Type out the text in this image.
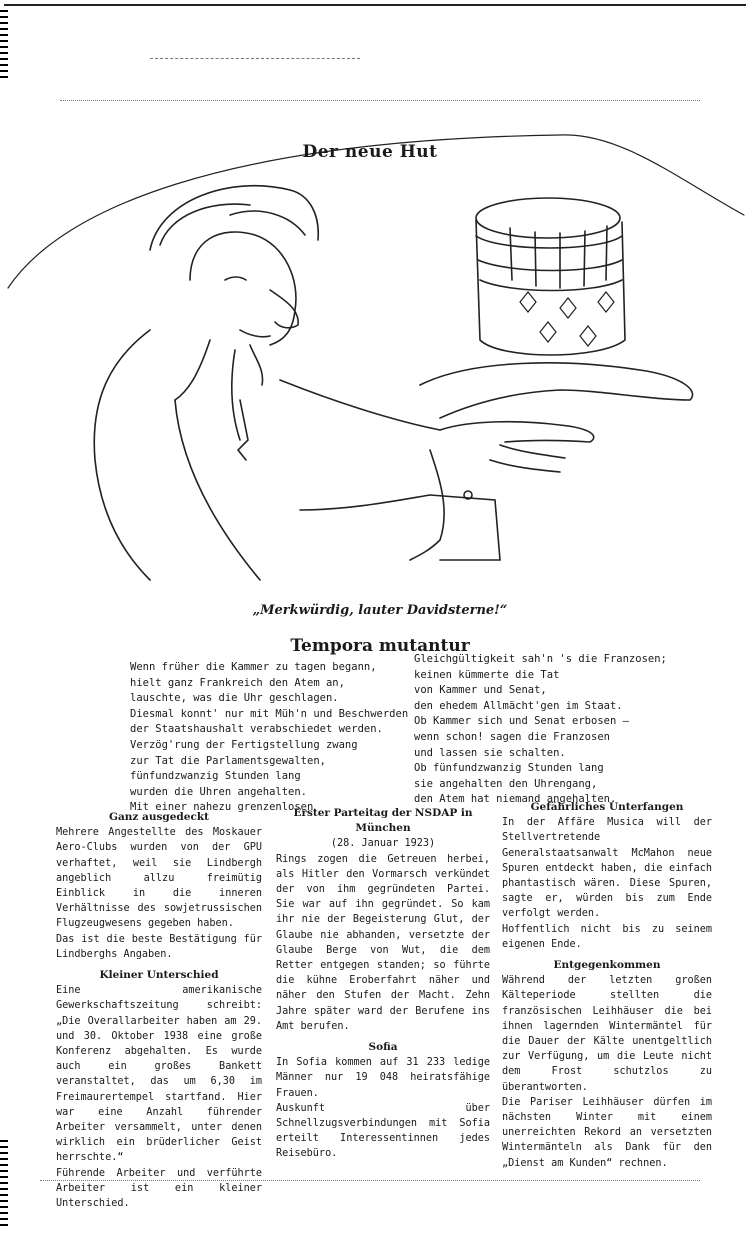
Der neue Hut
„Merkwürdig, lauter Davidsterne!“
Tempora mutantur
Wenn früher die Kammer zu tagen begann,
hielt ganz Frankreich den Atem an,
lauschte, was die Uhr geschlagen.
Diesmal konnt' nur mit Müh'n und Beschwerden
der Staatshaushalt verabschiedet werden.
Verzög'rung der Fertigstellung zwang
zur Tat die Parlamentsgewalten,
fünfundzwanzig Stunden lang
wurden die Uhren angehalten.
Mit einer nahezu grenzenlosen
Gleichgültigkeit sah'n 's die Franzosen;
keinen kümmerte die Tat
von Kammer und Senat,
den ehedem Allmächt'gen im Staat.
Ob Kammer sich und Senat erbosen —
wenn schon! sagen die Franzosen
und lassen sie schalten.
Ob fünfundzwanzig Stunden lang
sie angehalten den Uhrengang,
den Atem hat niemand angehalten.
Ganz ausgedeckt

Mehrere Angestellte des Moskauer Aero-Clubs wurden von der GPU verhaftet, weil sie Lindbergh angeblich allzu freimütig Einblick in die inneren Verhältnisse des sowjetrussischen Flugzeugwesens gegeben haben.

Das ist die beste Bestätigung für Lindberghs Angaben.

Kleiner Unterschied

Eine amerikanische Gewerkschaftszeitung schreibt: „Die Overallarbeiter haben am 29. und 30. Oktober 1938 eine große Konferenz abgehalten. Es wurde auch ein großes Bankett veranstaltet, das um 6,30 im Freimaurertempel startfand. Hier war eine Anzahl führender Arbeiter versammelt, unter denen wirklich ein brüderlicher Geist herrschte.“

Führende Arbeiter und verführte Arbeiter ist ein kleiner Unterschied.

Erster Parteitag der NSDAP in München
(28. Januar 1923)

Rings zogen die Getreuen herbei, als Hitler den Vormarsch verkündet der von ihm gegründeten Partei. Sie war auf ihn gegründet. So kam ihr nie der Begeisterung Glut, der Glaube nie abhanden, versetzte der Glaube Berge von Wut, die dem Retter entgegen standen; so führte die kühne Eroberfahrt näher und näher den Stufen der Macht. Zehn Jahre später ward der Berufene ins Amt berufen.

Sofia

In Sofia kommen auf 31 233 ledige Männer nur 19 048 heiratsfähige Frauen.

Auskunft über Schnellzugsverbindungen mit Sofia erteilt Interessentinnen jedes Reisebüro.

Gefährliches Unterfangen

In der Affäre Musica will der Stellvertretende Generalstaatsanwalt McMahon neue Spuren entdeckt haben, die einfach phantastisch wären. Diese Spuren, sagte er, würden bis zum Ende verfolgt werden.

Hoffentlich nicht bis zu seinem eigenen Ende.

Entgegenkommen

Während der letzten großen Kälteperiode stellten die französischen Leihhäuser die bei ihnen lagernden Wintermäntel für die Dauer der Kälte unentgeltlich zur Verfügung, um die Leute nicht dem Frost schutzlos zu überantworten.

Die Pariser Leihhäuser dürfen im nächsten Winter mit einem unerreichten Rekord an versetzten Wintermänteln als Dank für den „Dienst am Kunden“ rechnen.
